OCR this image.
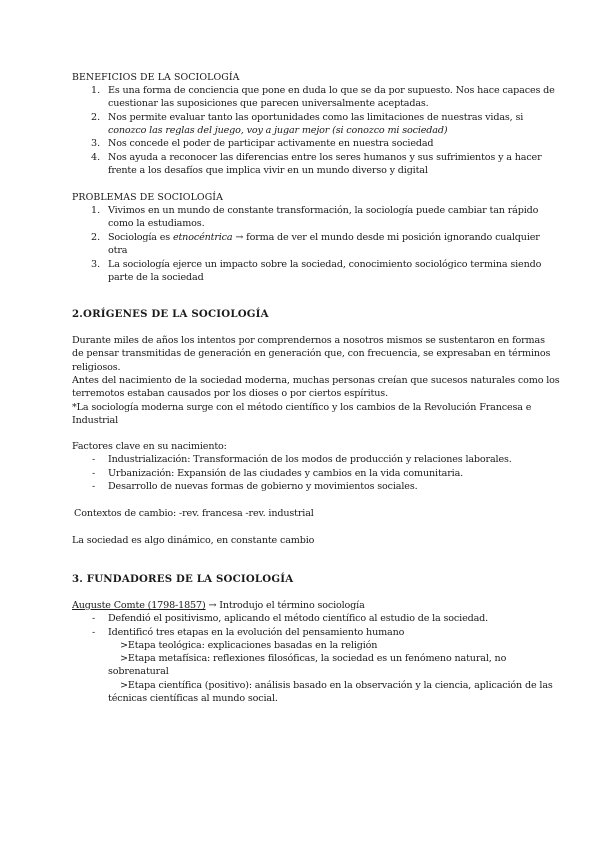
BENEFICIOS DE LA SOCIOLOGÍA
1. Es una forma de conciencia que pone en duda lo que se da por supuesto. Nos hace capaces de
cuestionar las suposiciones que parecen universalmente aceptadas.
2. Nos permite evaluar tanto las oportunidades como las limitaciones de nuestras vidas, si
conozco las reglas del juego, voy a jugar mejor (si conozco mi sociedad)
3. Nos concede el poder de participar activamente en nuestra sociedad
4. Nos ayuda a reconocer las diferencias entre los seres humanos y sus sufrimientos y a hacer
frente a los desafíos que implica vivir en un mundo diverso y digital
PROBLEMAS DE SOCIOLOGÍA
1. Vivimos en un mundo de constante transformación, la sociología puede cambiar tan rápido
como la estudiamos.
2. Sociología es etnocéntrica → forma de ver el mundo desde mi posición ignorando cualquier
otra
3. La sociología ejerce un impacto sobre la sociedad, conocimiento sociológico termina siendo
parte de la sociedad
2.ORÍGENES DE LA SOCIOLOGÍA
Durante miles de años los intentos por comprendernos a nosotros mismos se sustentaron en formas
de pensar transmitidas de generación en generación que, con frecuencia, se expresaban en términos
religiosos.
Antes del nacimiento de la sociedad moderna, muchas personas creían que sucesos naturales como los
terremotos estaban causados por los dioses o por ciertos espíritus.
*La sociología moderna surge con el método científico y los cambios de la Revolución Francesa e
Industrial
Factores clave en su nacimiento:
- Industrialización: Transformación de los modos de producción y relaciones laborales.
- Urbanización: Expansión de las ciudades y cambios en la vida comunitaria.
- Desarrollo de nuevas formas de gobierno y movimientos sociales.
Contextos de cambio: -rev. francesa -rev. industrial
La sociedad es algo dinámico, en constante cambio
3. FUNDADORES DE LA SOCIOLOGÍA
Auguste Comte (1798-1857) → Introdujo el término sociología
- Defendió el positivismo, aplicando el método científico al estudio de la sociedad.
- Identificó tres etapas en la evolución del pensamiento humano
>Etapa teológica: explicaciones basadas en la religión
>Etapa metafísica: reflexiones filosóficas, la sociedad es un fenómeno natural, no
sobrenatural
>Etapa científica (positivo): análisis basado en la observación y la ciencia, aplicación de las
técnicas científicas al mundo social.
